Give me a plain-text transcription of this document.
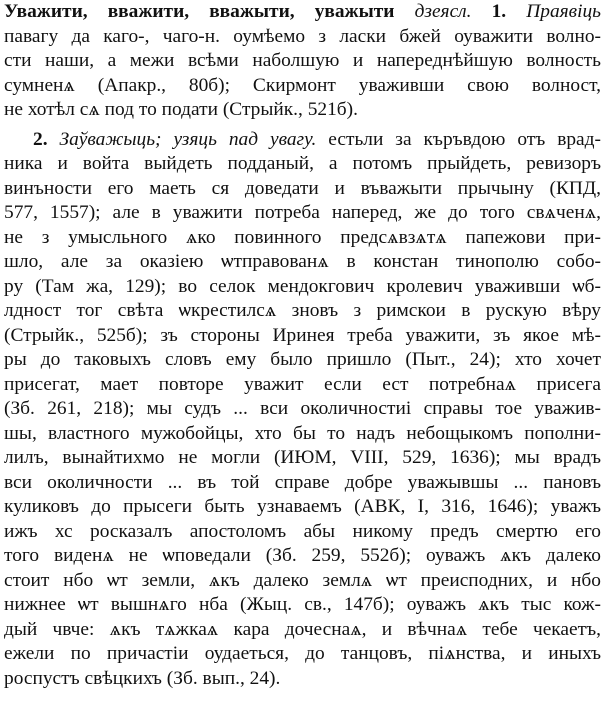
Уважити, вважити, вважыти, уважыти дзеясл. 1. Праявіць
павагу да каго-, чаго-н. оумѣемо з ласки бжей оуважити волно-
сти наши, а межи всѣми наболшую и напереднѣйшую волность
сумненѧ (Апакр., 80б); Скирмонт уваживши свою волност,
не хотѣл сѧ под то подати (Стрыйк., 521б).

2. Заўважыць; узяць пад увагу. естьли за къръвдою отъ врад-
ника и войта выйдеть подданый, а потомъ прыйдеть, ревизоръ
винъности его маеть ся доведати и въважыти прычыну (КПД,
577, 1557); але в уважити потреба наперед, же до того свѧченѧ,
не з умысльного ѧко повинного предсѧвзѧтѧ папежови при-
шло, але за оказіею ѡтправованѧ в констан тинополю собо-
ру (Там жа, 129); во селок мендокгович кролевич уваживши ѡб-
лдност тог свѣта ѡкрестилсѧ зновъ з римскои в рускую вѣру
(Стрыйк., 525б); зъ стороны Иринея треба уважити, зъ якое мѣ-
ры до таковыхъ словъ ему было пришло (Пыт., 24); хто хочет
присегат, мает повторе уважит если ест потребнаѧ присега
(Зб. 261, 218); мы судъ ... вси околичностиі справы тое уважив-
шы, властного мужобойцы, хто бы то надъ небощыкомъ пополни-
лилъ, вынайтихмо не могли (ИЮМ, VIII, 529, 1636); мы врадъ
вси околичности ... въ той справе добре уважывшы ... пановъ
куликовъ до прысеги быть узнаваемъ (АВК, І, 316, 1646); уважъ
ижъ хс росказалъ апостоломъ абы никому предъ смертю его
того виденѧ не ѡповедали (Зб. 259, 552б); оуважъ ѧкъ далеко
стоит нбо ѡт земли, ѧкъ далеко землѧ ѡт преисподних, и нбо
нижнее ѡт вышнѧго нба (Жыц. св., 147б); оуважъ ѧкъ тыс кож-
дый чвче: ѧкъ тѧжкаѧ кара дочеснаѧ, и вѣчнаѧ тебе чекаетъ,
ежели по причастіи оудаеться, до танцовъ, піѧнства, и иныхъ
роспустъ свѣцкихъ (Зб. вып., 24).
